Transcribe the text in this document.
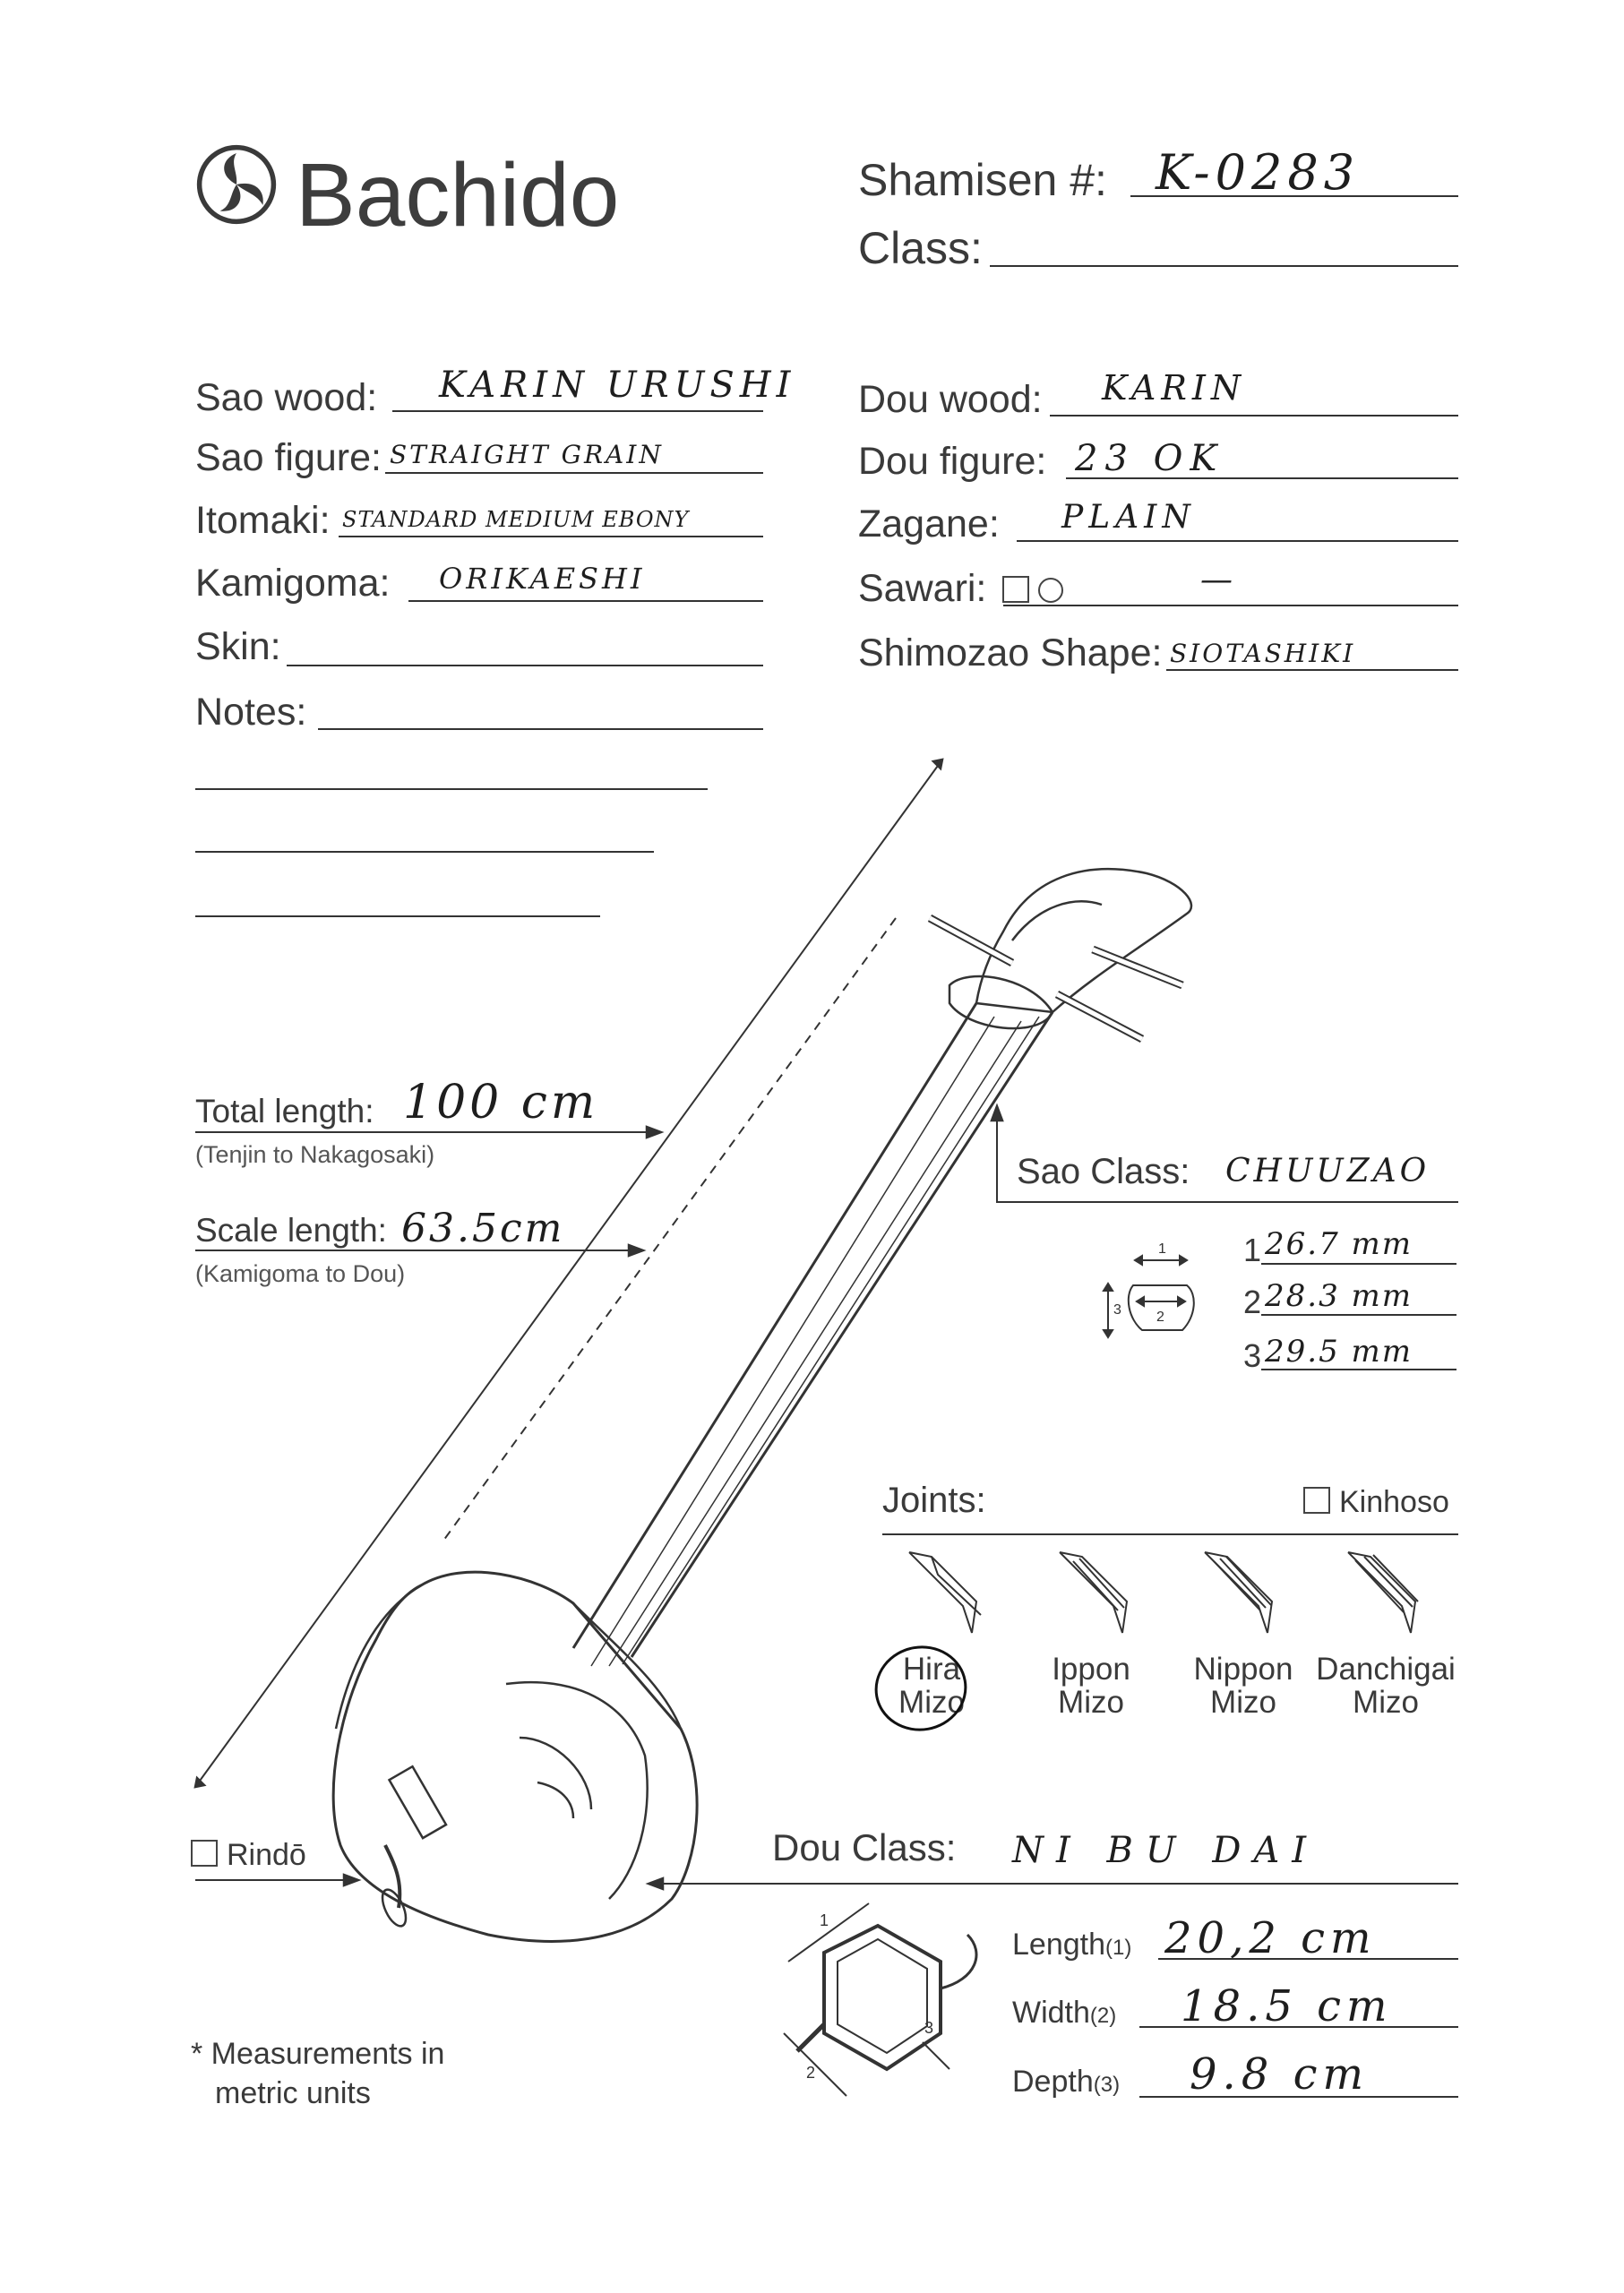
Bachido	Shamisen #: K-0283
Class:
Sao wood: KARIN URUSHI
Sao figure: STRAIGHT GRAIN
Itomaki: STANDARD MEDIUM EBONY
Kamigoma: ORIKAESHI
Skin:
Notes:
Dou wood: KARIN
Dou figure: 23 OK
Zagane: PLAIN
Sawari:	—
Shimozao Shape: SIOTASHIKI
Total length: 100 cm
(Tenjin to Nakagosaki)
Scale length: 63.5cm
(Kamigoma to Dou)
Sao Class: CHUUZAO
1
2
3
1 26.7 mm
2 28.3 mm
3 29.5 mm
Joints:	Kinhoso
Hira
Mizo
Ippon
Mizo
Nippon
Mizo
Danchigai
Mizo
Rindō	Dou Class: NI BU DAI
1
2
3
Length(1) 20,2 cm
Width(2) 18.5 cm
Depth(3) 9.8 cm
* Measurements in
metric units
